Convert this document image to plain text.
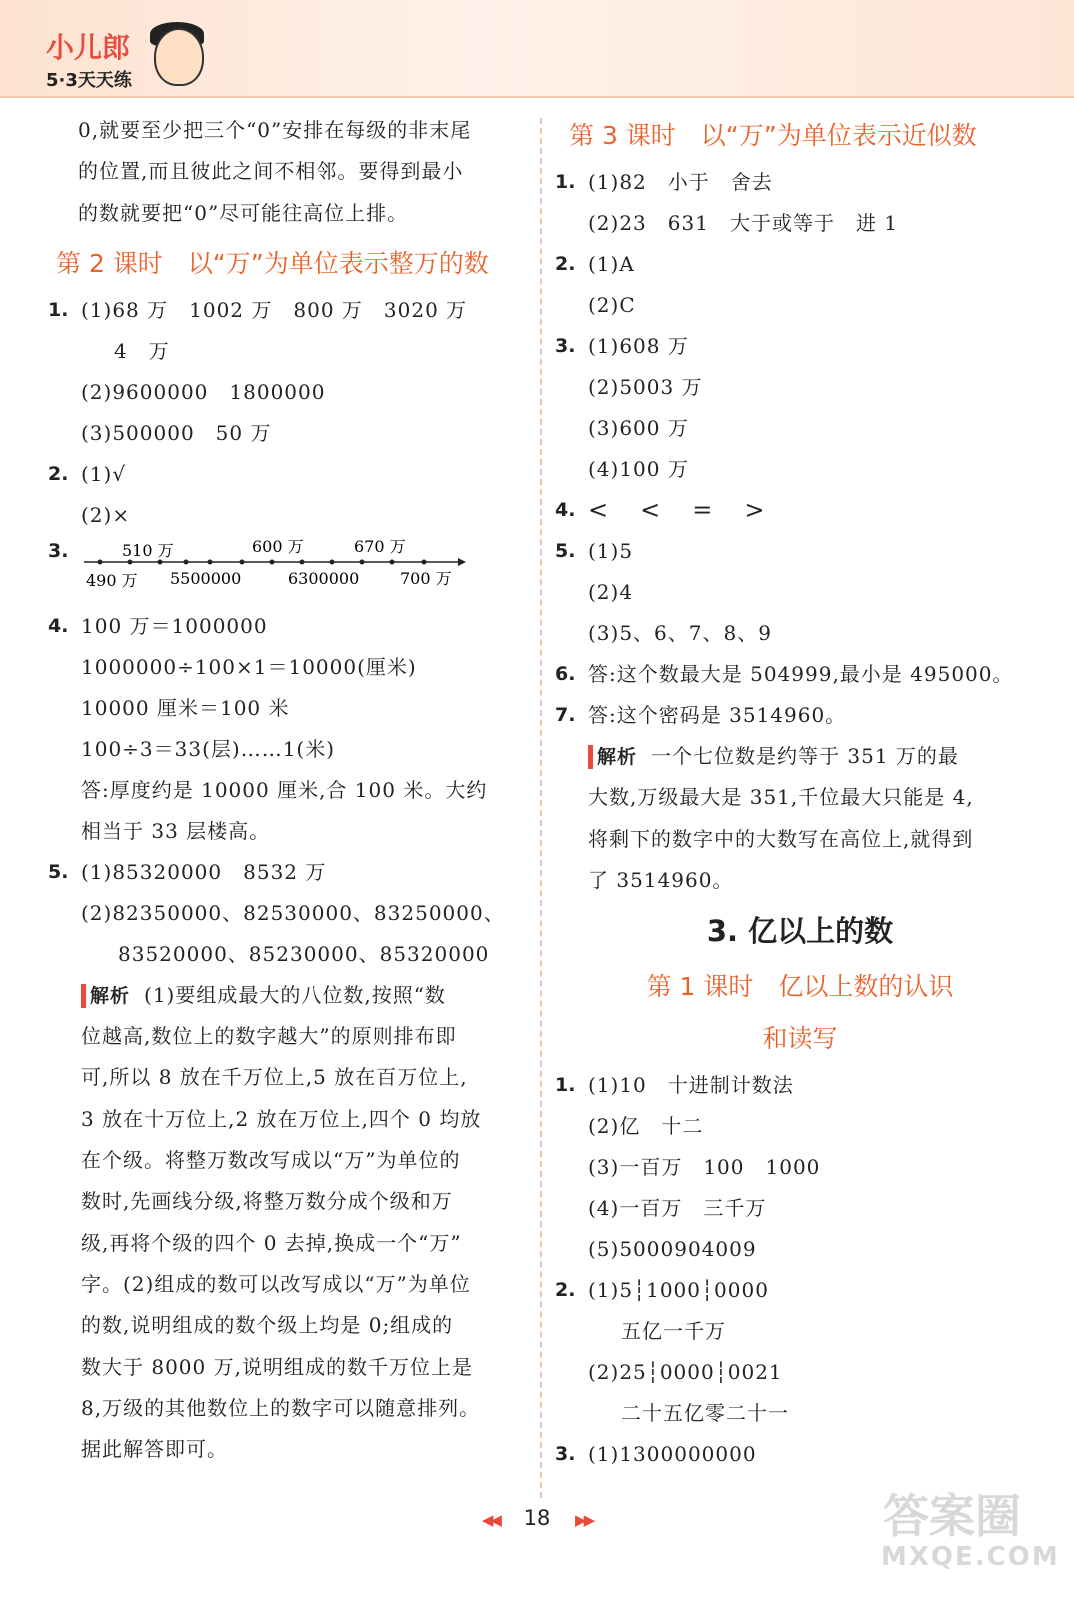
小儿郎
5·3天天练
0,就要至少把三个“0”安排在每级的非末尾
的位置,而且彼此之间不相邻。要得到最小
的数就要把“0”尽可能往高位上排。
第 2 课时　以“万”为单位表示整万的数
1. (1)68 万　1002 万　800 万　3020 万
4　万
(2)9600000　1800000
(3)500000　50 万
2. (1)√
(2)×
3.	510 万	600 万	670 万
490 万 5500000	6300000	700 万
4. 100 万＝1000000
1000000÷100×1＝10000(厘米)
10000 厘米＝100 米
100÷3＝33(层)……1(米)
答:厚度约是 10000 厘米,合 100 米。大约
相当于 33 层楼高。
5. (1)85320000　8532 万
(2)82350000、82530000、83250000、
83520000、85230000、85320000
解析 (1)要组成最大的八位数,按照“数
位越高,数位上的数字越大”的原则排布即
可,所以 8 放在千万位上,5 放在百万位上,
3 放在十万位上,2 放在万位上,四个 0 均放
在个级。将整万数改写成以“万”为单位的
数时,先画线分级,将整万数分成个级和万
级,再将个级的四个 0 去掉,换成一个“万”
字。(2)组成的数可以改写成以“万”为单位
的数,说明组成的数个级上均是 0;组成的
数大于 8000 万,说明组成的数千万位上是
8,万级的其他数位上的数字可以随意排列。
据此解答即可。
第 3 课时　以“万”为单位表示近似数
1. (1)82　小于　舍去
(2)23　631　大于或等于　进 1
2. (1)A
(2)C
3. (1)608 万
(2)5003 万
(3)600 万
(4)100 万
4. <　<　=　>
5. (1)5
(2)4
(3)5、6、7、8、9
6. 答:这个数最大是 504999,最小是 495000。
7. 答:这个密码是 3514960。
解析 一个七位数是约等于 351 万的最
大数,万级最大是 351,千位最大只能是 4,
将剩下的数字中的大数写在高位上,就得到
了 3514960。
3. 亿以上的数
第 1 课时　亿以上数的认识
和读写
1. (1)10　十进制计数法
(2)亿　十二
(3)一百万　100　1000
(4)一百万　三千万
(5)5000904009
2. (1)5┆1000┆0000
五亿一千万
(2)25┆0000┆0021
二十五亿零二十一
3. (1)1300000000
◀◀ 18 ▶▶	答案圈
MXQE.COM
